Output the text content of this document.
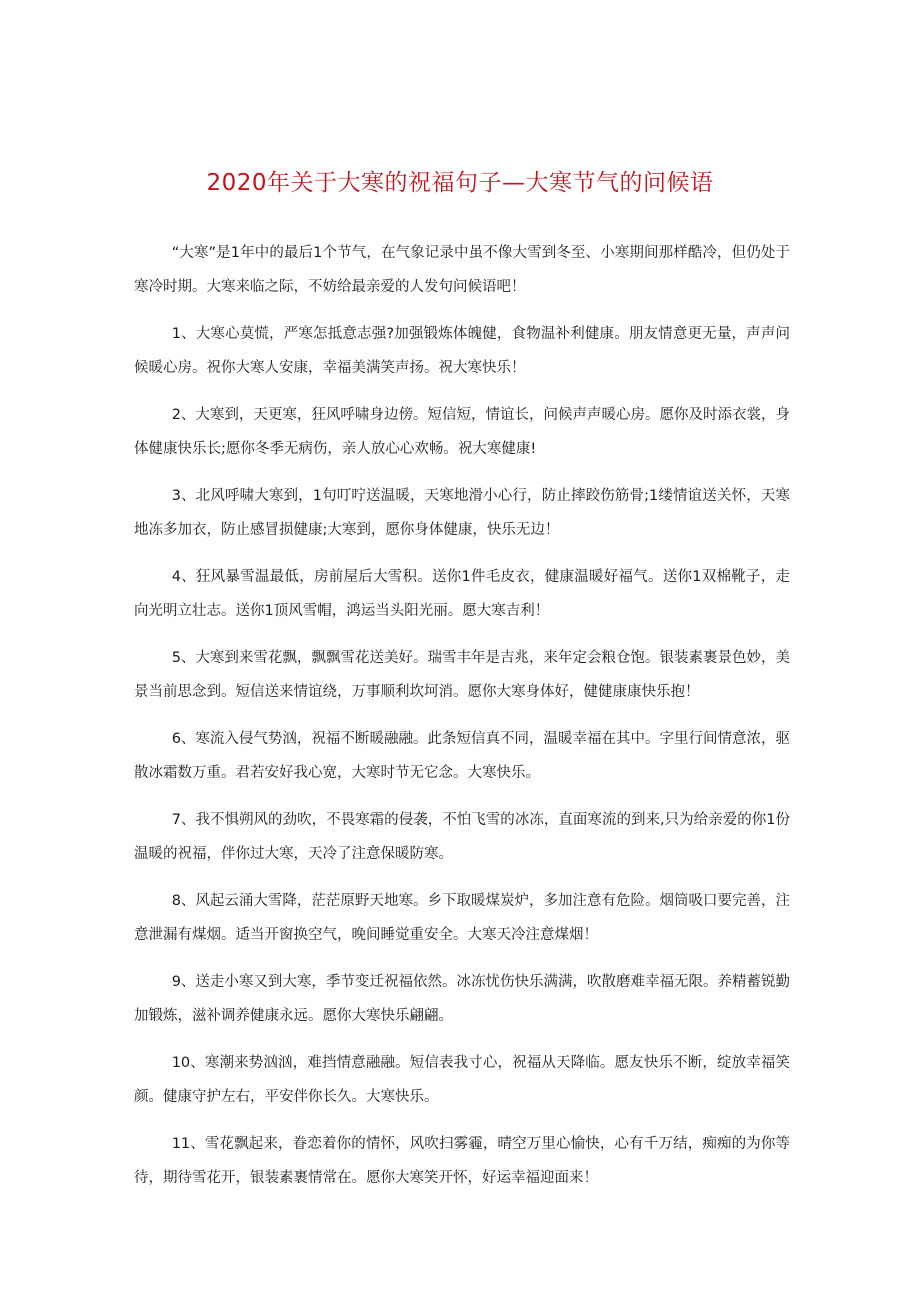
2020年关于大寒的祝福句子—大寒节气的问候语

“大寒”是1年中的最后1个节气，在气象记录中虽不像大雪到冬至、小寒期间那样酷冷，但仍处于寒冷时期。大寒来临之际，不妨给最亲爱的人发句问候语吧！

1、大寒心莫慌，严寒怎抵意志强?加强锻炼体魄健，食物温补利健康。朋友情意更无量，声声问候暖心房。祝你大寒人安康，幸福美满笑声扬。祝大寒快乐！

2、大寒到，天更寒，狂风呼啸身边傍。短信短，情谊长，问候声声暖心房。愿你及时添衣裳，身体健康快乐长;愿你冬季无病伤，亲人放心心欢畅。祝大寒健康!

3、北风呼啸大寒到，1句叮咛送温暖，天寒地滑小心行，防止摔跤伤筋骨;1缕情谊送关怀，天寒地冻多加衣，防止感冒损健康;大寒到，愿你身体健康，快乐无边！

4、狂风暴雪温最低，房前屋后大雪积。送你1件毛皮衣，健康温暖好福气。送你1双棉靴子，走向光明立壮志。送你1顶风雪帽，鸿运当头阳光丽。愿大寒吉利！

5、大寒到来雪花飘，飘飘雪花送美好。瑞雪丰年是吉兆，来年定会粮仓饱。银装素裹景色妙，美景当前思念到。短信送来情谊绕，万事顺利坎坷消。愿你大寒身体好，健健康康快乐抱！

6、寒流入侵气势汹，祝福不断暖融融。此条短信真不同，温暖幸福在其中。字里行间情意浓，驱散冰霜数万重。君若安好我心宽，大寒时节无它念。大寒快乐。

7、我不惧朔风的劲吹，不畏寒霜的侵袭，不怕飞雪的冰冻，直面寒流的到来,只为给亲爱的你1份温暖的祝福，伴你过大寒，天冷了注意保暖防寒。

8、风起云涌大雪降，茫茫原野天地寒。乡下取暖煤炭炉，多加注意有危险。烟筒吸口要完善，注意泄漏有煤烟。适当开窗换空气，晚间睡觉重安全。大寒天冷注意煤烟！

9、送走小寒又到大寒，季节变迁祝福依然。冰冻忧伤快乐满满，吹散磨难幸福无限。养精蓄锐勤加锻炼，滋补调养健康永远。愿你大寒快乐翩翩。

10、寒潮来势汹汹，难挡情意融融。短信表我寸心，祝福从天降临。愿友快乐不断，绽放幸福笑颜。健康守护左右，平安伴你长久。大寒快乐。

11、雪花飘起来，眷恋着你的情怀，风吹扫雾霾，晴空万里心愉快，心有千万结，痴痴的为你等待，期待雪花开，银装素裹情常在。愿你大寒笑开怀，好运幸福迎面来！
